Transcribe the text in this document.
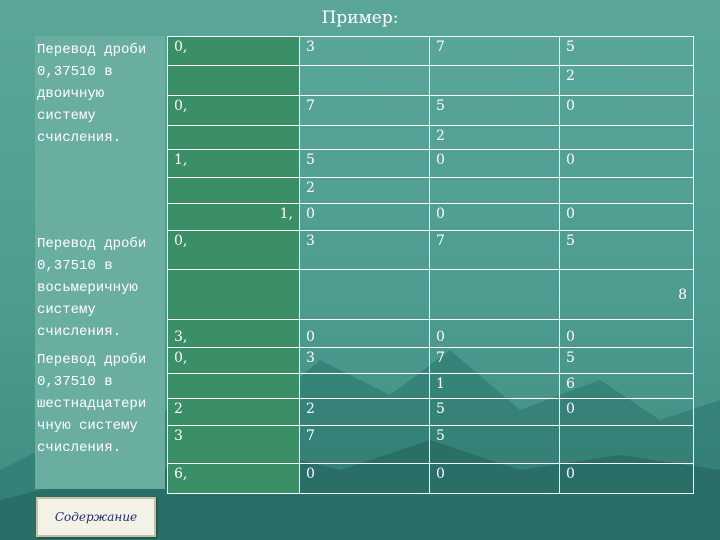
Пример:
Перевод дроби
0,37510 в
двоичную
систему
счисления.
Перевод дроби
0,37510 в
восьмеричную
систему
счисления.
Перевод дроби
0,37510 в
шестнадцатери
чную систему
счисления.
0,	3	7	5
			2
0,	7	5	0
		2	
1,	5	0	0
	2		
1,	0	0	0
0,	3	7	5
			8
3,	0	0	0
0,	3	7	5
		1	6
2	2	5	0
3	7	5	
6,	0	0	0
Содержание
